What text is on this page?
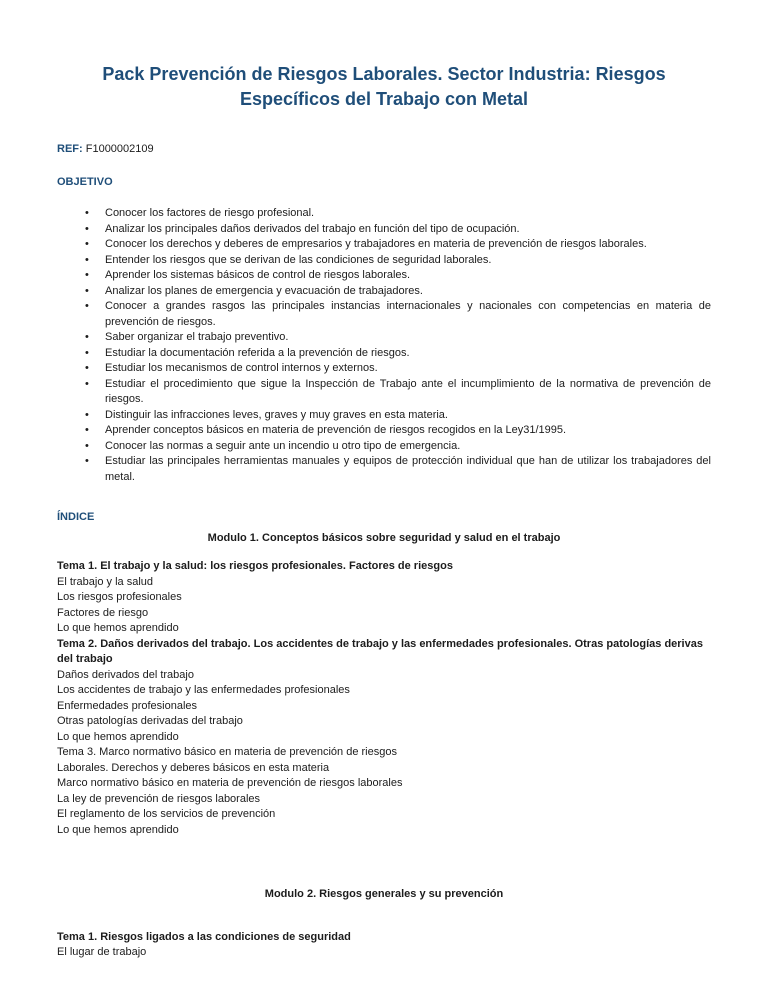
Pack Prevención de Riesgos Laborales. Sector Industria: Riesgos
Específicos del Trabajo con Metal

REF: F1000002109

OBJETIVO
• Conocer los factores de riesgo profesional.
• Analizar los principales daños derivados del trabajo en función del tipo de ocupación.
• Conocer los derechos y deberes de empresarios y trabajadores en materia de prevención de riesgos laborales.
• Entender los riesgos que se derivan de las condiciones de seguridad laborales.
• Aprender los sistemas básicos de control de riesgos laborales.
• Analizar los planes de emergencia y evacuación de trabajadores.
• Conocer a grandes rasgos las principales instancias internacionales y nacionales con competencias en materia de prevención de riesgos.
• Saber organizar el trabajo preventivo.
• Estudiar la documentación referida a la prevención de riesgos.
• Estudiar los mecanismos de control internos y externos.
• Estudiar el procedimiento que sigue la Inspección de Trabajo ante el incumplimiento de la normativa de prevención de riesgos.
• Distinguir las infracciones leves, graves y muy graves en esta materia.
• Aprender conceptos básicos en materia de prevención de riesgos recogidos en la Ley31/1995.
• Conocer las normas a seguir ante un incendio u otro tipo de emergencia.
• Estudiar las principales herramientas manuales y equipos de protección individual que han de utilizar los trabajadores del metal.
ÍNDICE

Modulo 1. Conceptos básicos sobre seguridad y salud en el trabajo

Tema 1. El trabajo y la salud: los riesgos profesionales. Factores de riesgos
El trabajo y la salud
Los riesgos profesionales
Factores de riesgo
Lo que hemos aprendido
Tema 2. Daños derivados del trabajo. Los accidentes de trabajo y las enfermedades profesionales. Otras patologías derivas del trabajo
Daños derivados del trabajo
Los accidentes de trabajo y las enfermedades profesionales
Enfermedades profesionales
Otras patologías derivadas del trabajo
Lo que hemos aprendido
Tema 3. Marco normativo básico en materia de prevención de riesgos
Laborales. Derechos y deberes básicos en esta materia
Marco normativo básico en materia de prevención de riesgos laborales
La ley de prevención de riesgos laborales
El reglamento de los servicios de prevención
Lo que hemos aprendido

Modulo 2. Riesgos generales y su prevención

Tema 1. Riesgos ligados a las condiciones de seguridad
El lugar de trabajo
